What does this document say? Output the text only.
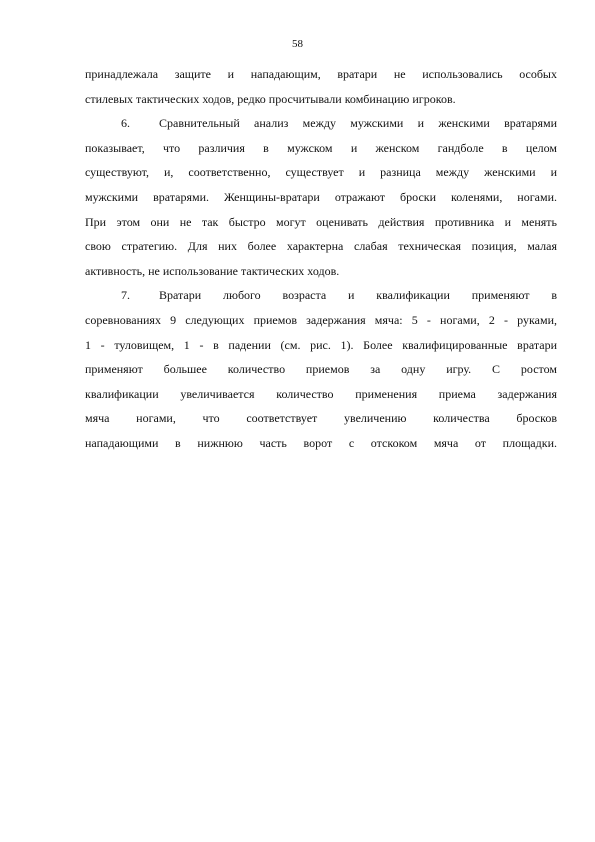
58
принадлежала защите и нападающим, вратари не использовались особых
стилевых тактических ходов, редко просчитывали комбинацию игроков.
6.	Сравнительный анализ между мужскими и женскими вратарями
показывает, что различия в мужском и женском гандболе в целом
существуют, и, соответственно, существует и разница между женскими и
мужскими вратарями. Женщины-вратари отражают броски коленями, ногами.
При этом они не так быстро могут оценивать действия противника и менять
свою стратегию. Для них более характерна слабая техническая позиция, малая
активность, не использование тактических ходов.
7.	Вратари любого возраста и квалификации применяют в
соревнованиях 9 следующих приемов задержания мяча: 5 - ногами, 2 - руками,
1 - туловищем, 1 - в падении (см. рис. 1). Более квалифицированные вратари
применяют большее количество приемов за одну игру. С ростом
квалификации увеличивается количество применения приема задержания
мяча ногами, что соответствует увеличению количества бросков
нападающими в нижнюю часть ворот с отскоком мяча от площадки.
